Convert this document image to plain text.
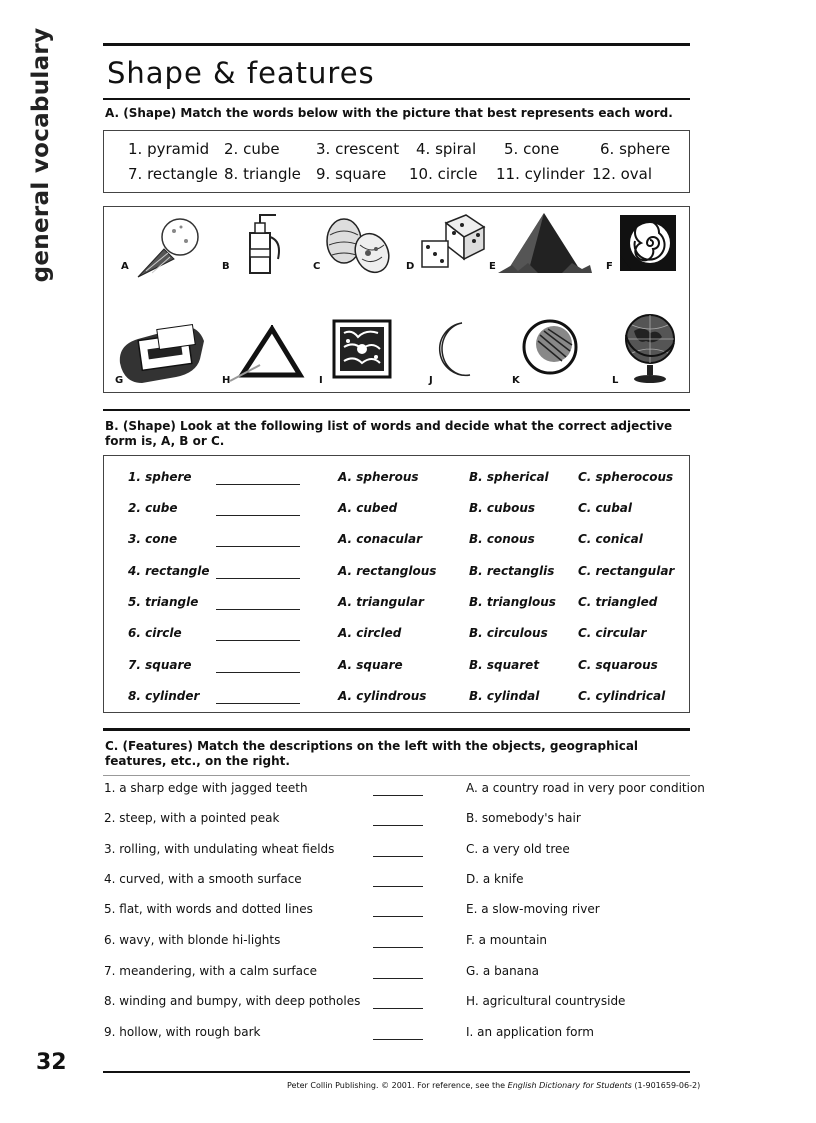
general vocabulary Shape & features
A. (Shape) Match the words below with the picture that best represents each word.
1. pyramid 2. cube 3. crescent 4. spiral 5. cone	6. sphere
7. rectangle 8. triangle 9. square 10. circle 11. cylinder 12. oval
A	B	C	D	E	F
G	H	I	J	K	L
B. (Shape) Look at the following list of words and decide what the correct adjective form is, A, B or C.
1. sphere	A. spherous	B. spherical C. spherocous
2. cube	A. cubed	B. cubous	C. cubal
3. cone	A. conacular	B. conous	C. conical
4. rectangle	A. rectanglous	B. rectanglis C. rectangular
5. triangle	A. triangular	B. trianglous C. triangled
6. circle	A. circled	B. circulous	C. circular
7. square	A. square	B. squaret	C. squarous
8. cylinder	A. cylindrous	B. cylindal	C. cylindrical
C. (Features) Match the descriptions on the left with the objects, geographical features, etc., on the right.
1. a sharp edge with jagged teeth	A. a country road in very poor condition
2. steep, with a pointed peak	B. somebody's hair
3. rolling, with undulating wheat fields	C. a very old tree
4. curved, with a smooth surface	D. a knife
5. flat, with words and dotted lines	E. a slow-moving river
6. wavy, with blonde hi-lights	F. a mountain
7. meandering, with a calm surface	G. a banana
8. winding and bumpy, with deep potholes	H. agricultural countryside
9. hollow, with rough bark	I. an application form
32
Peter Collin Publishing. © 2001. For reference, see the English Dictionary for Students (1-901659-06-2)
